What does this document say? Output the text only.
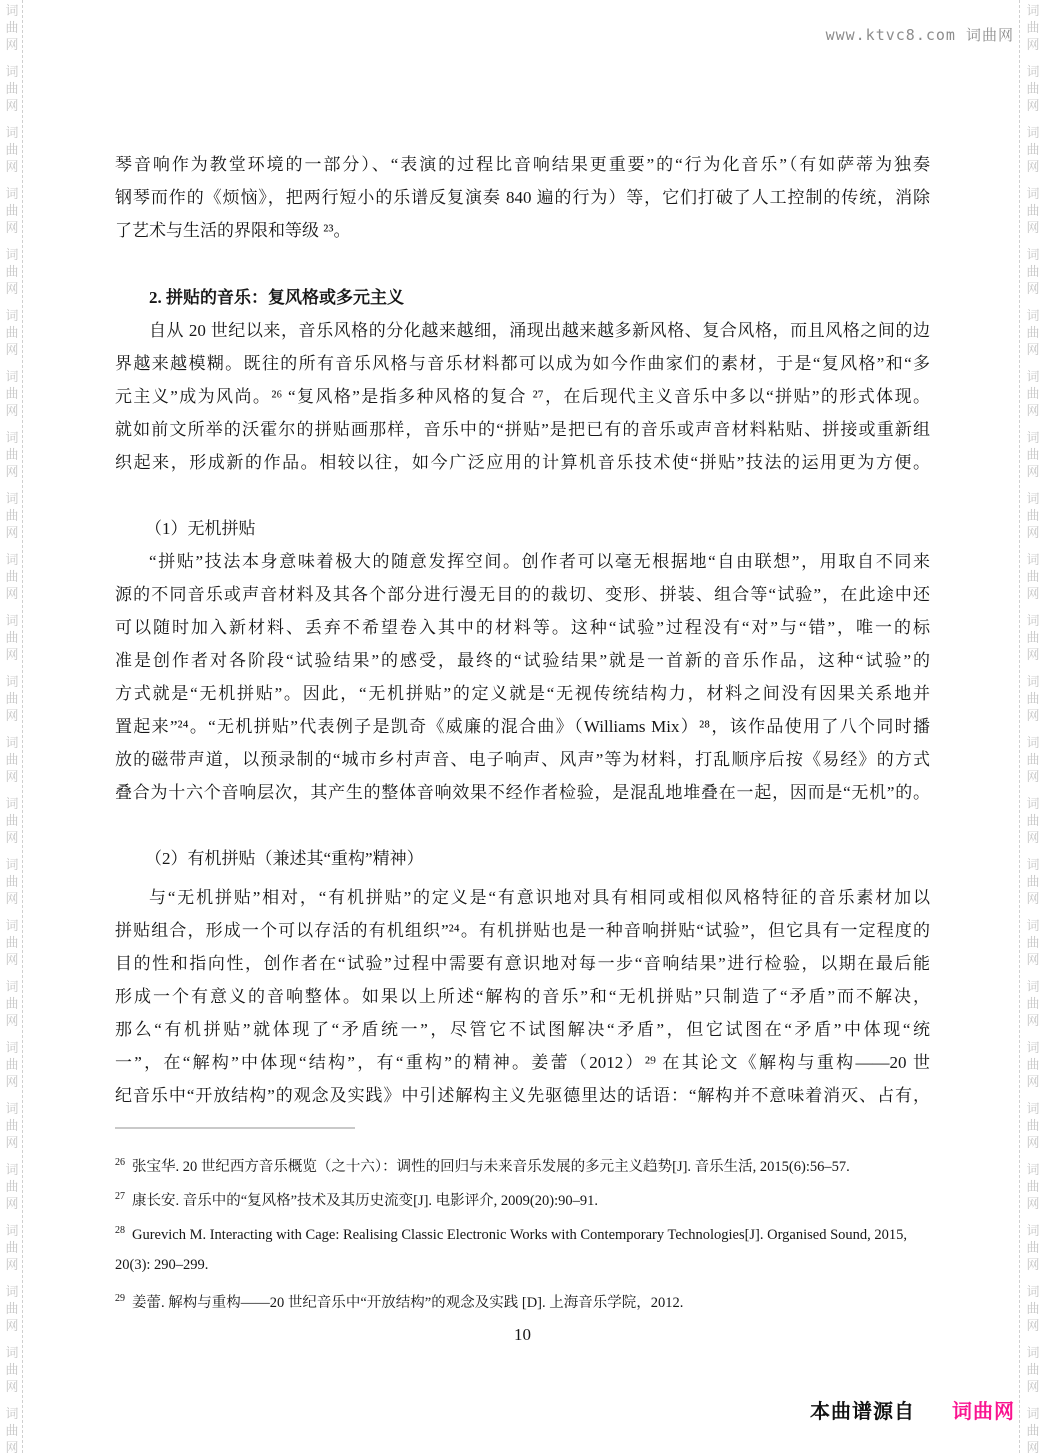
词
曲
网
词
曲
网
词
曲
网
词
曲
网
词
曲
网
词
曲
网
词
曲
网
词
曲
网
词
曲
网
词
曲
网
词
曲
网
词
曲
网
词
曲
网
词
曲
网
词
曲
网
词
曲
网
词
曲
网
词
曲
网
词
曲
网
词
曲
网
词
曲
网
词
曲
网
词
曲
网
词
曲
网
词
曲
网
词
曲
网
词
曲
网
词
曲
网
词
曲
网
词
曲
网
词
曲
网
词
曲
网
词
曲
网
词
曲
网
词
曲
网
词
曲
网
词
曲
网
词
曲
网
词
曲
网
词
曲
网
词
曲
网
词
曲
网
词
曲
网
词
曲
网
词
曲
网
词
曲
网
词
曲
网
词
曲
网
www.ktvc8.com 词曲网
琴音响作为教堂环境的一部分）、“表演的过程比音响结果更重要”的“行为化音乐”（有如萨蒂为独奏
钢琴而作的《烦恼》，把两行短小的乐谱反复演奏 840 遍的行为）等，它们打破了人工控制的传统，消除
了艺术与生活的界限和等级 ²³。
2. 拼贴的音乐：复风格或多元主义
自从 20 世纪以来，音乐风格的分化越来越细，涌现出越来越多新风格、复合风格，而且风格之间的边
界越来越模糊。既往的所有音乐风格与音乐材料都可以成为如今作曲家们的素材，于是“复风格”和“多
元主义”成为风尚。²⁶ “复风格”是指多种风格的复合 ²⁷，在后现代主义音乐中多以“拼贴”的形式体现。
就如前文所举的沃霍尔的拼贴画那样，音乐中的“拼贴”是把已有的音乐或声音材料粘贴、拼接或重新组
织起来，形成新的作品。相较以往，如今广泛应用的计算机音乐技术使“拼贴”技法的运用更为方便。
（1）无机拼贴
“拼贴”技法本身意味着极大的随意发挥空间。创作者可以毫无根据地“自由联想”，用取自不同来
源的不同音乐或声音材料及其各个部分进行漫无目的的裁切、变形、拼装、组合等“试验”，在此途中还
可以随时加入新材料、丢弃不希望卷入其中的材料等。这种“试验”过程没有“对”与“错”，唯一的标
准是创作者对各阶段“试验结果”的感受，最终的“试验结果”就是一首新的音乐作品，这种“试验”的
方式就是“无机拼贴”。因此，“无机拼贴”的定义就是“无视传统结构力，材料之间没有因果关系地并
置起来”²⁴。“无机拼贴”代表例子是凯奇《威廉的混合曲》（Williams Mix）²⁸，该作品使用了八个同时播
放的磁带声道，以预录制的“城市乡村声音、电子响声、风声”等为材料，打乱顺序后按《易经》的方式
叠合为十六个音响层次，其产生的整体音响效果不经作者检验，是混乱地堆叠在一起，因而是“无机”的。
（2）有机拼贴（兼述其“重构”精神）
与“无机拼贴”相对，“有机拼贴”的定义是“有意识地对具有相同或相似风格特征的音乐素材加以
拼贴组合，形成一个可以存活的有机组织”²⁴。有机拼贴也是一种音响拼贴“试验”，但它具有一定程度的
目的性和指向性，创作者在“试验”过程中需要有意识地对每一步“音响结果”进行检验，以期在最后能
形成一个有意义的音响整体。如果以上所述“解构的音乐”和“无机拼贴”只制造了“矛盾”而不解决，
那么“有机拼贴”就体现了“矛盾统一”，尽管它不试图解决“矛盾”，但它试图在“矛盾”中体现“统
一”，在“解构”中体现“结构”，有“重构”的精神。姜蕾（2012）²⁹ 在其论文《解构与重构——20 世
纪音乐中“开放结构”的观念及实践》中引述解构主义先驱德里达的话语：“解构并不意味着消灭、占有，
$^{26}$ 张宝华. 20 世纪西方音乐概览（之十六）：调性的回归与未来音乐发展的多元主义趋势[J]. 音乐生活, 2015(6):56–57.
$^{27}$ 康长安. 音乐中的“复风格”技术及其历史流变[J]. 电影评介, 2009(20):90–91.
$^{28}$ Gurevich M. Interacting with Cage: Realising Classic Electronic Works with Contemporary Technologies[J]. Organised Sound, 2015,
20(3): 290–299.
$^{29}$ 姜蕾. 解构与重构——20 世纪音乐中“开放结构”的观念及实践 [D]. 上海音乐学院，2012.
10
本曲谱源自 词曲网
